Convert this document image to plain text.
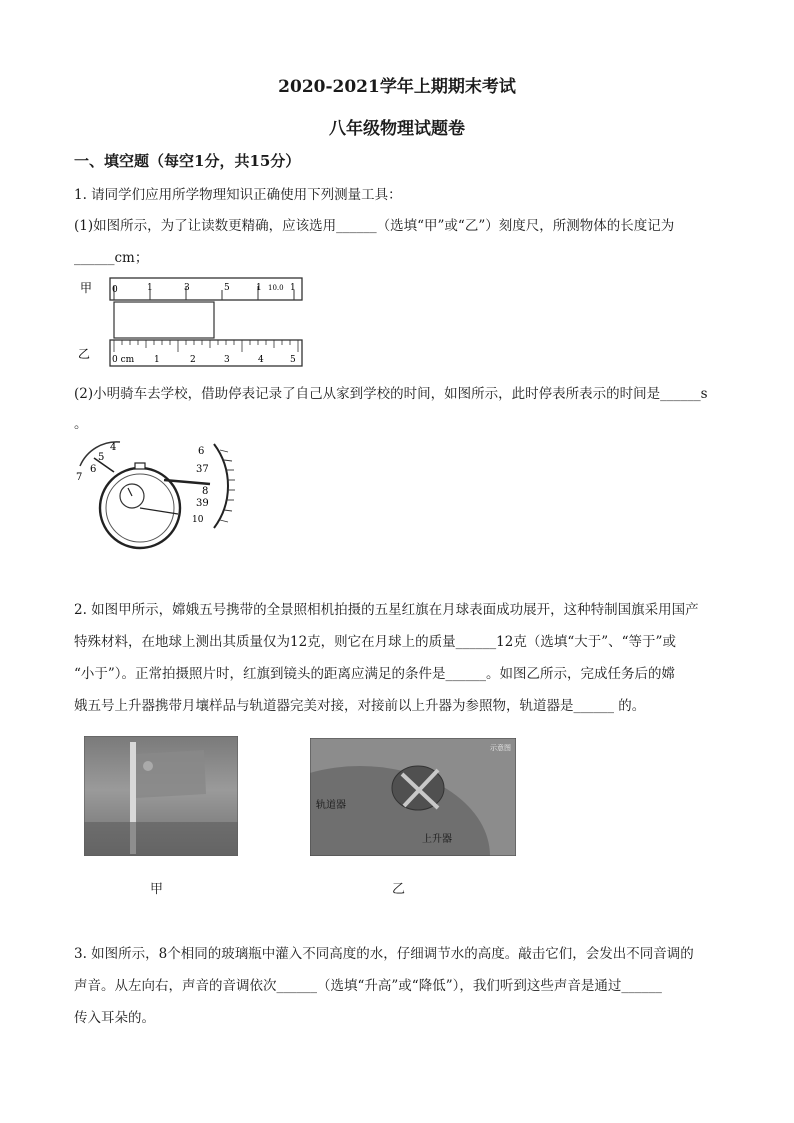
2020-2021学年上期期末考试
八年级物理试题卷
一、填空题（每空1分，共15分）
1. 请同学们应用所学物理知识正确使用下列测量工具：
(1)如图所示，为了让读数更精确，应该选用______（选填“甲”或“乙”）刻度尺，所测物体的长度记为
______cm；
甲
乙
0	1	3	5	1 10.0 1
0 cm 1	2	3	4	5
(2)小明骑车去学校，借助停表记录了自己从家到学校的时间，如图所示，此时停表所表示的时间是______s
。
4
5
6
7
6
37
8
39
10
2. 如图甲所示，嫦娥五号携带的全景照相机拍摄的五星红旗在月球表面成功展开，这种特制国旗采用国产
特殊材料，在地球上测出其质量仅为12克，则它在月球上的质量______12克（选填“大于”、“等于”或
“小于”）。正常拍摄照片时，红旗到镜头的距离应满足的条件是______。如图乙所示，完成任务后的嫦
娥五号上升器携带月壤样品与轨道器完美对接，对接前以上升器为参照物，轨道器是______ 的。
甲
轨道器
上升器
示意图
乙
3. 如图所示，8个相同的玻璃瓶中灌入不同高度的水，仔细调节水的高度。敲击它们，会发出不同音调的
声音。从左向右，声音的音调依次______（选填“升高”或“降低”），我们听到这些声音是通过______
传入耳朵的。
